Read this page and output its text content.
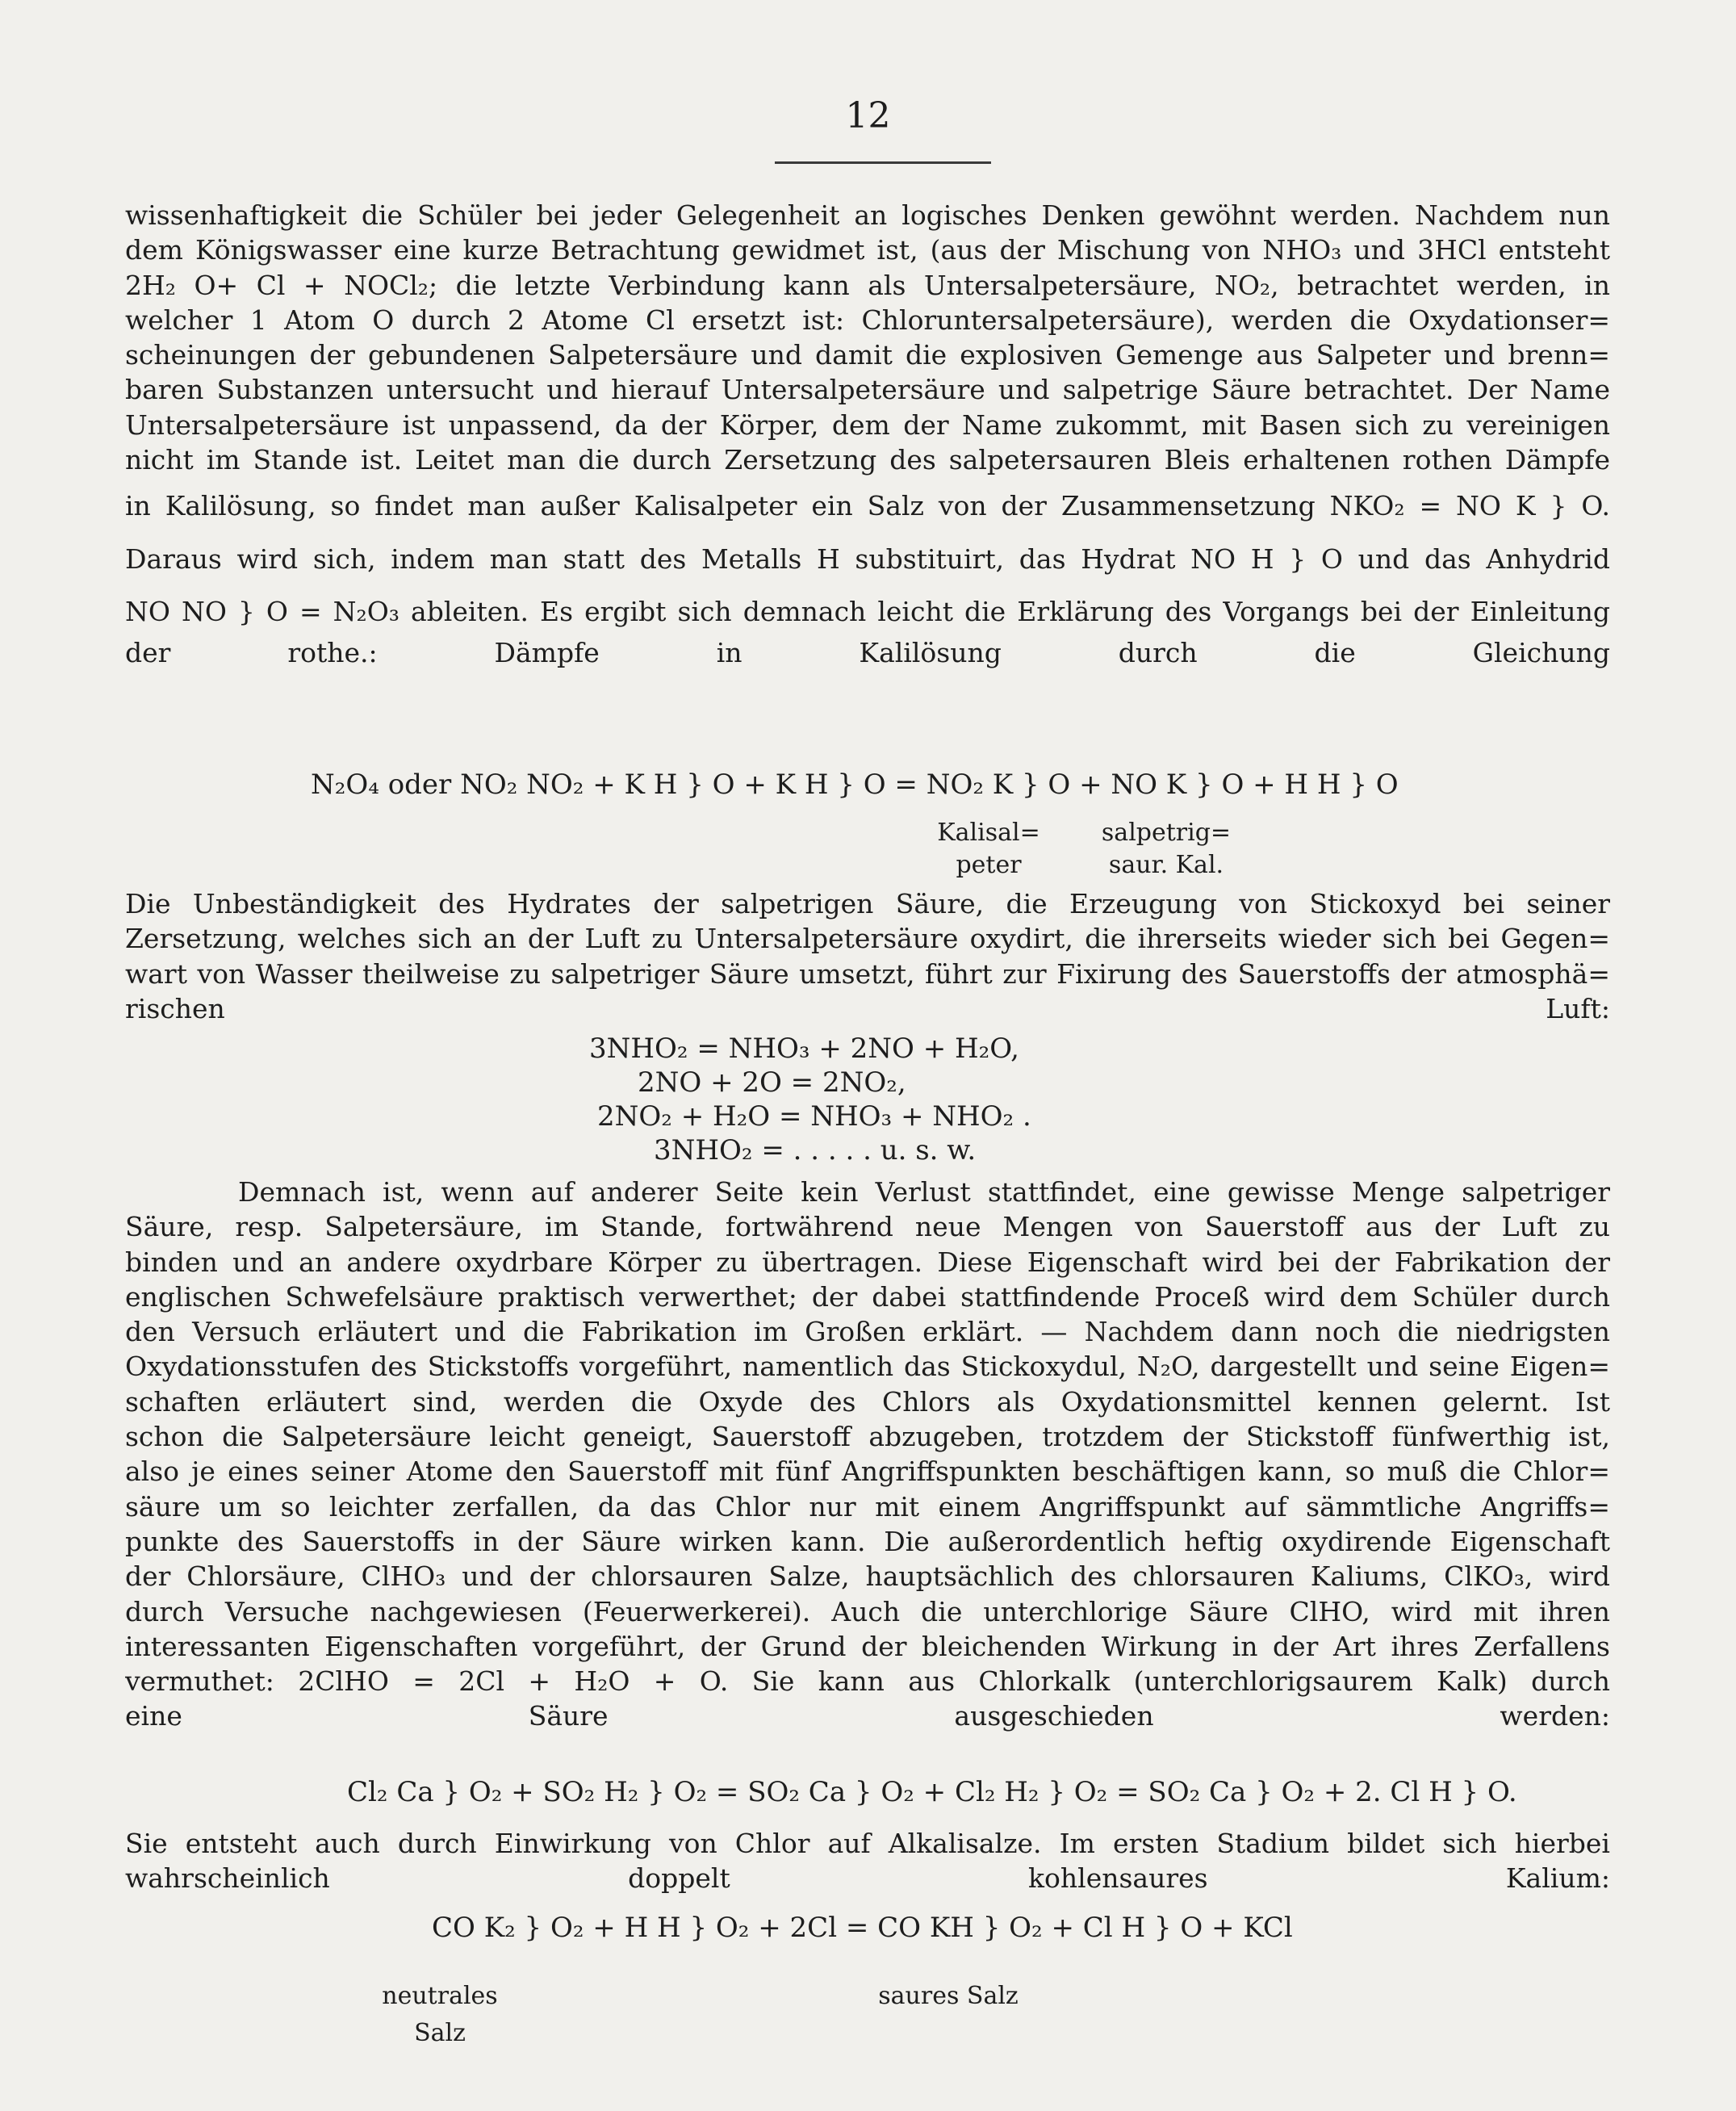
12
wissenhaftigkeit die Schüler bei jeder Gelegenheit an logisches Denken gewöhnt werden. Nachdem nun
dem Königswasser eine kurze Betrachtung gewidmet ist, (aus der Mischung von NHO₃ und 3HCl entsteht
2H₂ O+ Cl + NOCl₂; die letzte Verbindung kann als Untersalpetersäure, NO₂, betrachtet werden, in
welcher 1 Atom O durch 2 Atome Cl ersetzt ist: Chloruntersalpetersäure), werden die Oxydationser=
scheinungen der gebundenen Salpetersäure und damit die explosiven Gemenge aus Salpeter und brenn=
baren Substanzen untersucht und hierauf Untersalpetersäure und salpetrige Säure betrachtet. Der Name
Untersalpetersäure ist unpassend, da der Körper, dem der Name zukommt, mit Basen sich zu vereinigen
nicht im Stande ist. Leitet man die durch Zersetzung des salpetersauren Bleis erhaltenen rothen Dämpfe
in Kalilösung, so findet man außer Kalisalpeter ein Salz von der Zusammensetzung NKO₂ = NO K } O.
Daraus wird sich, indem man statt des Metalls H substituirt, das Hydrat NO H } O und das Anhydrid
NO NO } O = N₂O₃ ableiten. Es ergibt sich demnach leicht die Erklärung des Vorgangs bei der Einleitung
der rothe.: Dämpfe in Kalilösung durch die Gleichung
N₂O₄ oder NO₂ NO₂ + K H } O + K H } O = NO₂ K } O + NO K } O + H H } O
Kalisal= peter
salpetrig= saur. Kal.
Die Unbeständigkeit des Hydrates der salpetrigen Säure, die Erzeugung von Stickoxyd bei seiner
Zersetzung, welches sich an der Luft zu Untersalpetersäure oxydirt, die ihrerseits wieder sich bei Gegen=
wart von Wasser theilweise zu salpetriger Säure umsetzt, führt zur Fixirung des Sauerstoffs der atmosphä=
rischen Luft:
3NHO₂ = NHO₃ + 2NO + H₂O,
2NO + 2O = 2NO₂,
2NO₂ + H₂O = NHO₃ + NHO₂ .
3NHO₂ = . . . . . u. s. w.
Demnach ist, wenn auf anderer Seite kein Verlust stattfindet, eine gewisse Menge salpetriger
Säure, resp. Salpetersäure, im Stande, fortwährend neue Mengen von Sauerstoff aus der Luft zu
binden und an andere oxydrbare Körper zu übertragen. Diese Eigenschaft wird bei der Fabrikation der
englischen Schwefelsäure praktisch verwerthet; der dabei stattfindende Proceß wird dem Schüler durch
den Versuch erläutert und die Fabrikation im Großen erklärt. — Nachdem dann noch die niedrigsten
Oxydationsstufen des Stickstoffs vorgeführt, namentlich das Stickoxydul, N₂O, dargestellt und seine Eigen=
schaften erläutert sind, werden die Oxyde des Chlors als Oxydationsmittel kennen gelernt. Ist
schon die Salpetersäure leicht geneigt, Sauerstoff abzugeben, trotzdem der Stickstoff fünfwerthig ist,
also je eines seiner Atome den Sauerstoff mit fünf Angriffspunkten beschäftigen kann, so muß die Chlor=
säure um so leichter zerfallen, da das Chlor nur mit einem Angriffspunkt auf sämmtliche Angriffs=
punkte des Sauerstoffs in der Säure wirken kann. Die außerordentlich heftig oxydirende Eigenschaft
der Chlorsäure, ClHO₃ und der chlorsauren Salze, hauptsächlich des chlorsauren Kaliums, ClKO₃, wird
durch Versuche nachgewiesen (Feuerwerkerei). Auch die unterchlorige Säure ClHO, wird mit ihren
interessanten Eigenschaften vorgeführt, der Grund der bleichenden Wirkung in der Art ihres Zerfallens
vermuthet: 2ClHO = 2Cl + H₂O + O. Sie kann aus Chlorkalk (unterchlorigsaurem Kalk) durch
eine Säure ausgeschieden werden:
Cl₂ Ca } O₂ + SO₂ H₂ } O₂ = SO₂ Ca } O₂ + Cl₂ H₂ } O₂ = SO₂ Ca } O₂ + 2. Cl H } O.
Sie entsteht auch durch Einwirkung von Chlor auf Alkalisalze. Im ersten Stadium bildet sich hierbei
wahrscheinlich doppelt kohlensaures Kalium:
CO K₂ } O₂ + H H } O₂ + 2Cl = CO KH } O₂ + Cl H } O + KCl
neutrales Salz
saures Salz
